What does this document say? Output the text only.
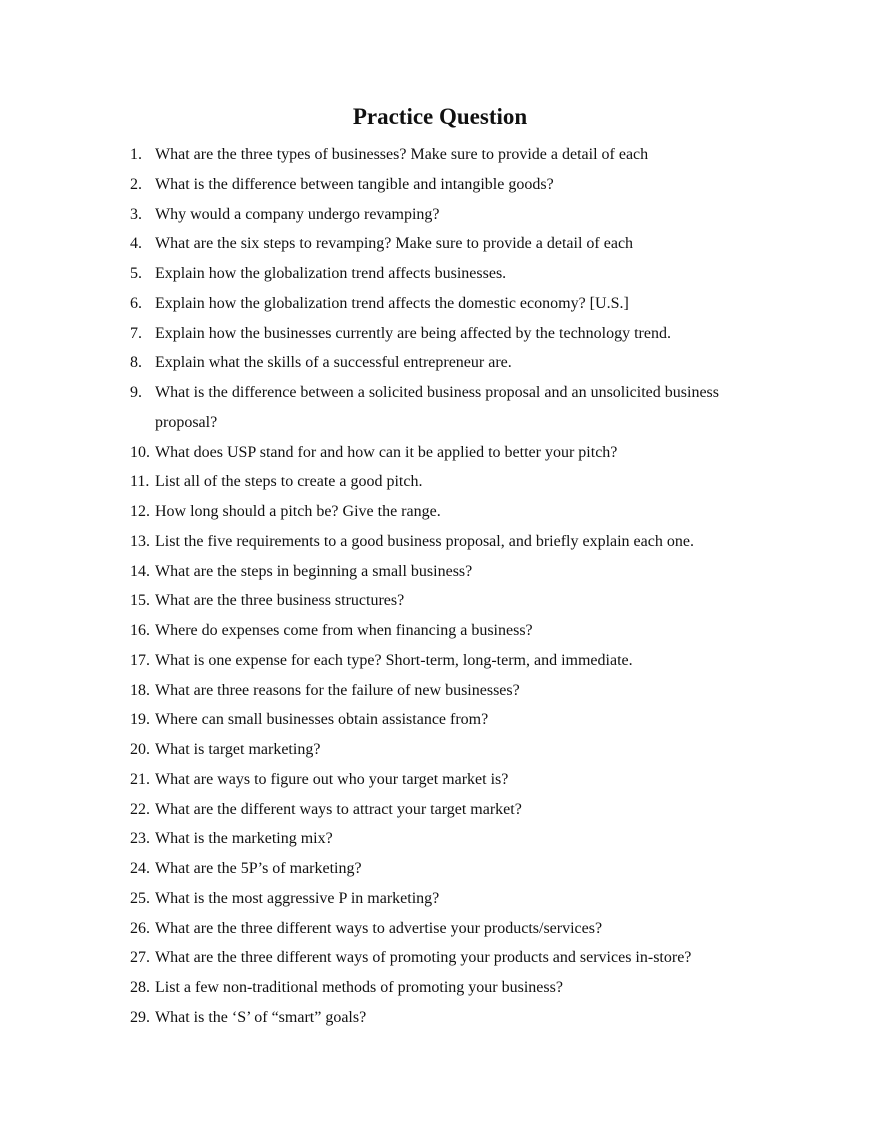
Practice Question
1. What are the three types of businesses? Make sure to provide a detail of each
2. What is the difference between tangible and intangible goods?
3. Why would a company undergo revamping?
4. What are the six steps to revamping? Make sure to provide a detail of each
5. Explain how the globalization trend affects businesses.
6. Explain how the globalization trend affects the domestic economy? [U.S.]
7. Explain how the businesses currently are being affected by the technology trend.
8. Explain what the skills of a successful entrepreneur are.
9. What is the difference between a solicited business proposal and an unsolicited business proposal?
10. What does USP stand for and how can it be applied to better your pitch?
11. List all of the steps to create a good pitch.
12. How long should a pitch be? Give the range.
13. List the five requirements to a good business proposal, and briefly explain each one.
14. What are the steps in beginning a small business?
15. What are the three business structures?
16. Where do expenses come from when financing a business?
17. What is one expense for each type? Short-term, long-term, and immediate.
18. What are three reasons for the failure of new businesses?
19. Where can small businesses obtain assistance from?
20. What is target marketing?
21. What are ways to figure out who your target market is?
22. What are the different ways to attract your target market?
23. What is the marketing mix?
24. What are the 5P’s of marketing?
25. What is the most aggressive P in marketing?
26. What are the three different ways to advertise your products/services?
27. What are the three different ways of promoting your products and services in-store?
28. List a few non-traditional methods of promoting your business?
29. What is the ‘S’ of “smart” goals?
